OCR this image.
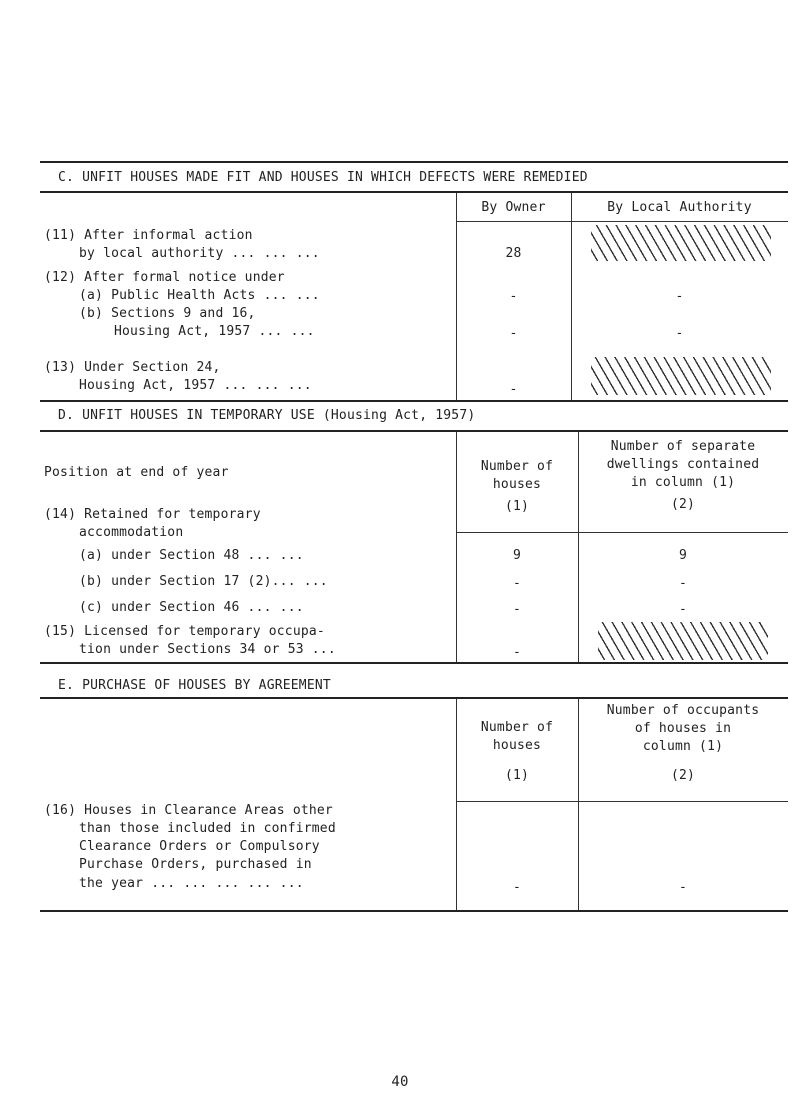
C. UNFIT HOUSES MADE FIT AND HOUSES IN WHICH DEFECTS WERE REMEDIED
By Owner	By Local Authority
(11) After informal action
by local authority ... ... ...	28
(12) After formal notice under
(a) Public Health Acts ... ...	-	-
(b) Sections 9 and 16,
Housing Act, 1957 ... ...	-	-
(13) Under Section 24,
Housing Act, 1957 ... ... ...	-
D. UNFIT HOUSES IN TEMPORARY USE (Housing Act, 1957)
Position at end of year	Number of
houses
(1)
Number of separate
dwellings contained
in column (1)
(2)
(14) Retained for temporary
accommodation
(a) under Section 48 ... ...	9	9
(b) under Section 17 (2)... ...	-	-
(c) under Section 46 ... ...	-	-
(15) Licensed for temporary occupa-
tion under Sections 34 or 53 ...	-
E. PURCHASE OF HOUSES BY AGREEMENT
Number of
houses
(1)
Number of occupants
of houses in
column (1)
(2)
(16) Houses in Clearance Areas other
than those included in confirmed
Clearance Orders or Compulsory
Purchase Orders, purchased in
the year ... ... ... ... ...	-	-
40
